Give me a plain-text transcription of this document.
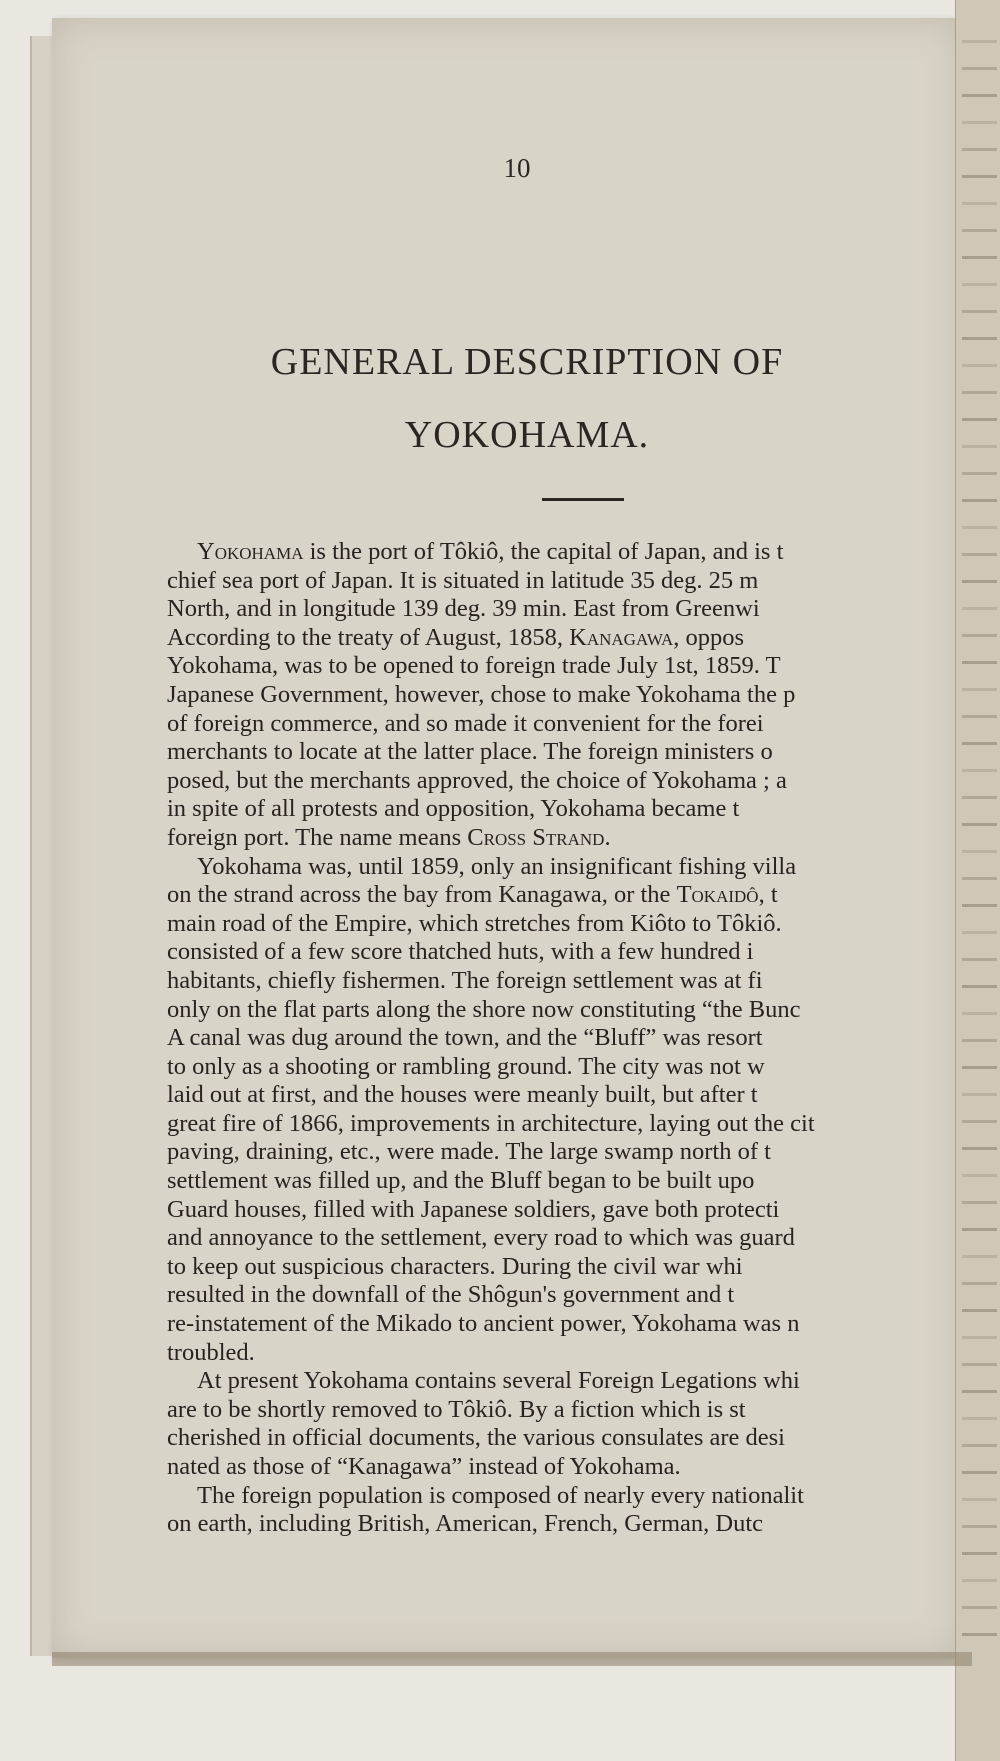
10
GENERAL DESCRIPTION OF
YOKOHAMA.
Yokohama is the port of Tôkiô, the capital of Japan, and is t
chief sea port of Japan. It is situated in latitude 35 deg. 25 m
North, and in longitude 139 deg. 39 min. East from Greenwi
According to the treaty of August, 1858, Kanagawa, oppos
Yokohama, was to be opened to foreign trade July 1st, 1859. T
Japanese Government, however, chose to make Yokohama the p
of foreign commerce, and so made it convenient for the forei
merchants to locate at the latter place. The foreign ministers o
posed, but the merchants approved, the choice of Yokohama ; a
in spite of all protests and opposition, Yokohama became t
foreign port. The name means Cross Strand.
Yokohama was, until 1859, only an insignificant fishing villa
on the strand across the bay from Kanagawa, or the Tokaidô, t
main road of the Empire, which stretches from Kiôto to Tôkiô.
consisted of a few score thatched huts, with a few hundred i
habitants, chiefly fishermen. The foreign settlement was at fi
only on the flat parts along the shore now constituting “the Bunc
A canal was dug around the town, and the “Bluff” was resort
to only as a shooting or rambling ground. The city was not w
laid out at first, and the houses were meanly built, but after t
great fire of 1866, improvements in architecture, laying out the cit
paving, draining, etc., were made. The large swamp north of t
settlement was filled up, and the Bluff began to be built upo
Guard houses, filled with Japanese soldiers, gave both protecti
and annoyance to the settlement, every road to which was guard
to keep out suspicious characters. During the civil war whi
resulted in the downfall of the Shôgun's government and t
re-instatement of the Mikado to ancient power, Yokohama was n
troubled.
At present Yokohama contains several Foreign Legations whi
are to be shortly removed to Tôkiô. By a fiction which is st
cherished in official documents, the various consulates are desi
nated as those of “Kanagawa” instead of Yokohama.
The foreign population is composed of nearly every nationalit
on earth, including British, American, French, German, Dutc
